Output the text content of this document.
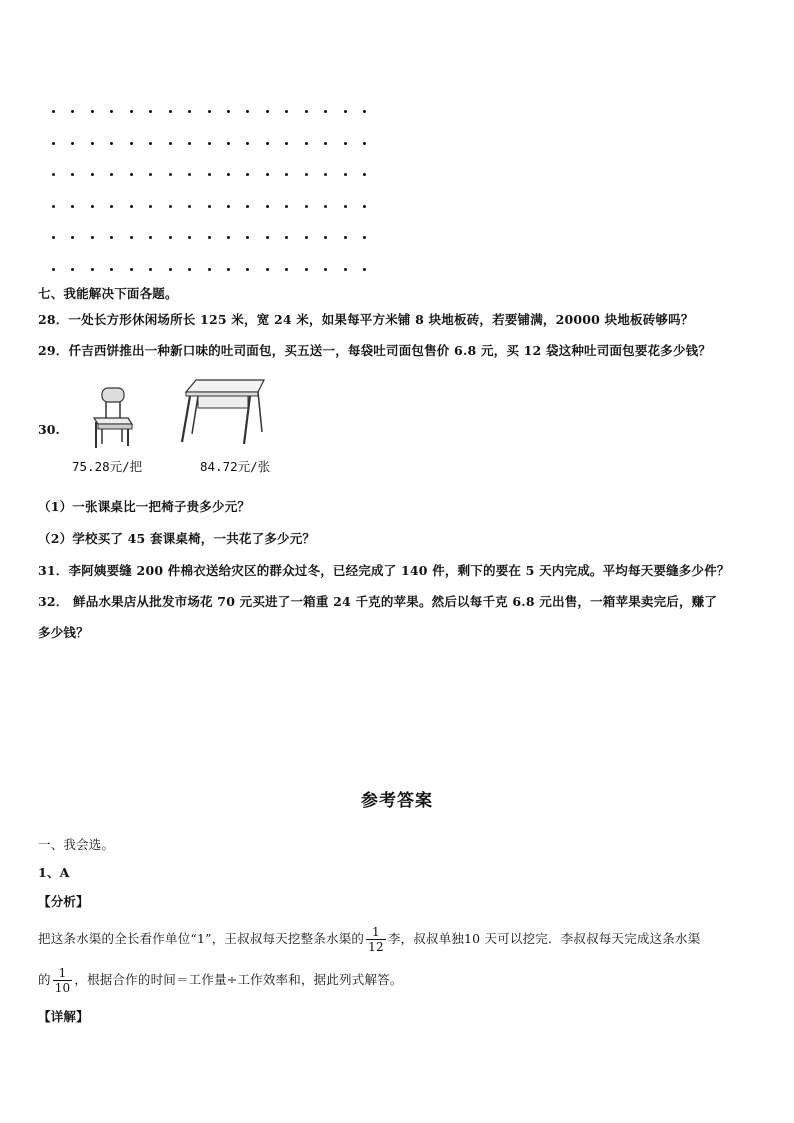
七、我能解决下面各题。
28．一处长方形休闲场所长 125 米，宽 24 米，如果每平方米铺 8 块地板砖，若要铺满，20000 块地板砖够吗？
29．仟吉西饼推出一种新口味的吐司面包，买五送一，每袋吐司面包售价 6.8 元，买 12 袋这种吐司面包要花多少钱？
30.
75.28元/把	84.72元/张
（1）一张课桌比一把椅子贵多少元？
（2）学校买了 45 套课桌椅，一共花了多少元？
31．李阿姨要缝 200 件棉衣送给灾区的群众过冬，已经完成了 140 件，剩下的要在 5 天内完成。平均每天要缝多少件？
32． 鲜品水果店从批发市场花 70 元买进了一箱重 24 千克的苹果。然后以每千克 6.8 元出售，一箱苹果卖完后，赚了
多少钱？
参考答案
一、我会选。
1、A
【分析】
把这条水渠的全长看作单位“1”，王叔叔每天挖整条水渠的 $\frac{1}{12}$ 李，叔叔单独10 天可以挖完．李叔叔每天完成这条水渠
的 $\frac{1}{10}$ ，根据合作的时间＝工作量÷工作效率和，据此列式解答。
【详解】
